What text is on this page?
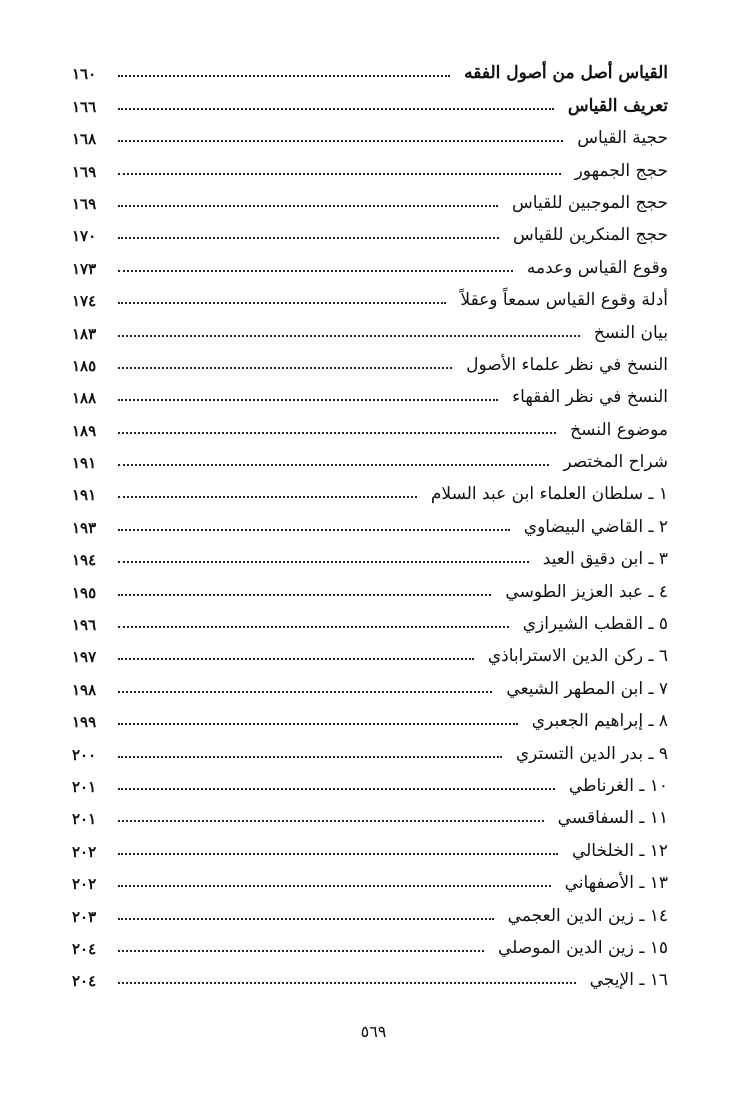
القياس أصل من أصول الفقه
١٦٠
تعريف القياس
١٦٦
حجية القياس
١٦٨
حجج الجمهور
١٦٩
حجج الموجبين للقياس
١٦٩
حجج المنكرين للقياس
١٧٠
وقوع القياس وعدمه
١٧٣
أدلة وقوع القياس سمعاً وعقلاً
١٧٤
بيان النسخ
١٨٣
النسخ في نظر علماء الأصول
١٨٥
النسخ في نظر الفقهاء
١٨٨
موضوع النسخ
١٨٩
شراح المختصر
١٩١
١ ـ سلطان العلماء ابن عبد السلام
١٩١
٢ ـ القاضي البيضاوي
١٩٣
٣ ـ ابن دقيق العيد
١٩٤
٤ ـ عبد العزيز الطوسي
١٩٥
٥ ـ القطب الشيرازي
١٩٦
٦ ـ ركن الدين الاستراباذي
١٩٧
٧ ـ ابن المطهر الشيعي
١٩٨
٨ ـ إبراهيم الجعبري
١٩٩
٩ ـ بدر الدين التستري
٢٠٠
١٠ ـ الغرناطي
٢٠١
١١ ـ السفاقسي
٢٠١
١٢ ـ الخلخالي
٢٠٢
١٣ ـ الأصفهاني
٢٠٢
١٤ ـ زين الدين العجمي
٢٠٣
١٥ ـ زين الدين الموصلي
٢٠٤
١٦ ـ الإيجي
٢٠٤
٥٦٩
